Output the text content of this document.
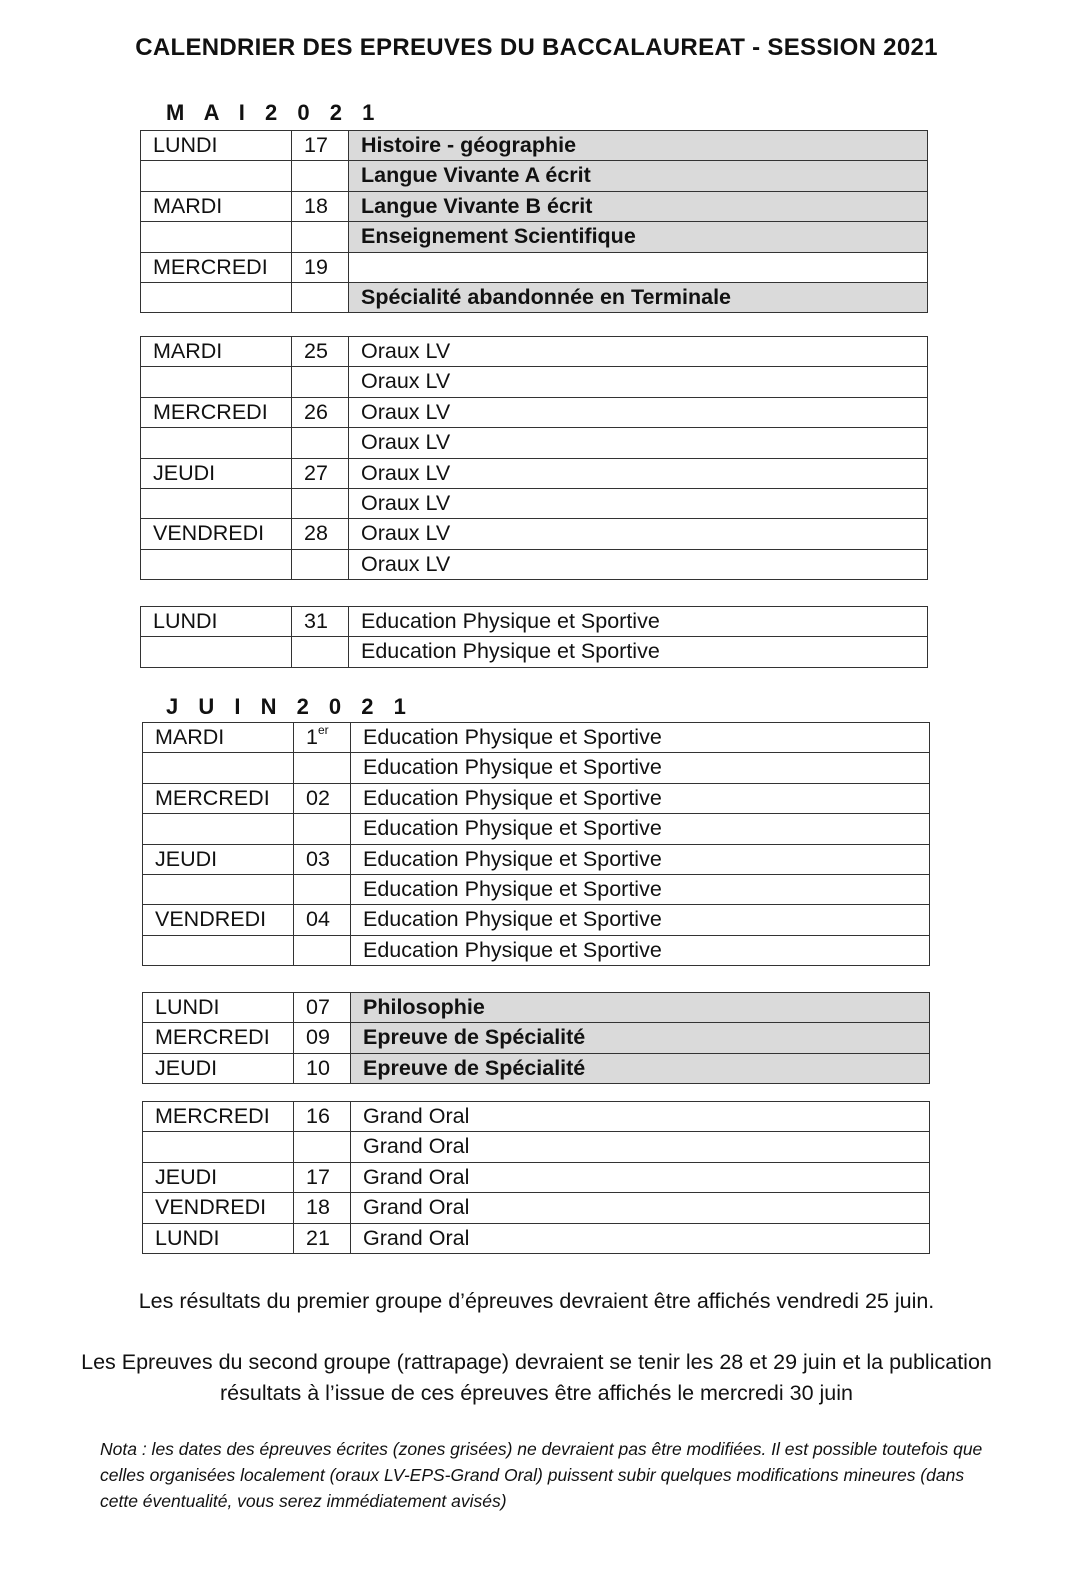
CALENDRIER DES EPREUVES DU BACCALAUREAT - SESSION 2021
M A I 2 0 2 1
LUNDI	17	Histoire - géographie
		Langue Vivante A écrit
MARDI	18	Langue Vivante B écrit
		Enseignement Scientifique
MERCREDI	19	
		Spécialité abandonnée en Terminale
MARDI	25	Oraux LV
		Oraux LV
MERCREDI	26	Oraux LV
		Oraux LV
JEUDI	27	Oraux LV
		Oraux LV
VENDREDI	28	Oraux LV
		Oraux LV
LUNDI	31	Education Physique et Sportive
		Education Physique et Sportive
J U I N 2 0 2 1
MARDI	1er	Education Physique et Sportive
		Education Physique et Sportive
MERCREDI	02	Education Physique et Sportive
		Education Physique et Sportive
JEUDI	03	Education Physique et Sportive
		Education Physique et Sportive
VENDREDI	04	Education Physique et Sportive
		Education Physique et Sportive
LUNDI	07	Philosophie
MERCREDI	09	Epreuve de Spécialité
JEUDI	10	Epreuve de Spécialité
MERCREDI	16	Grand Oral
		Grand Oral
JEUDI	17	Grand Oral
VENDREDI	18	Grand Oral
LUNDI	21	Grand Oral
Les résultats du premier groupe d’épreuves devraient être affichés vendredi 25 juin.
Les Epreuves du second groupe (rattrapage) devraient se tenir les 28 et 29 juin et la publication
résultats à l’issue de ces épreuves être affichés le mercredi 30 juin
Nota : les dates des épreuves écrites (zones grisées) ne devraient pas être modifiées. Il est possible toutefois que celles organisées localement (oraux LV-EPS-Grand Oral) puissent subir quelques modifications mineures (dans cette éventualité, vous serez immédiatement avisés)
